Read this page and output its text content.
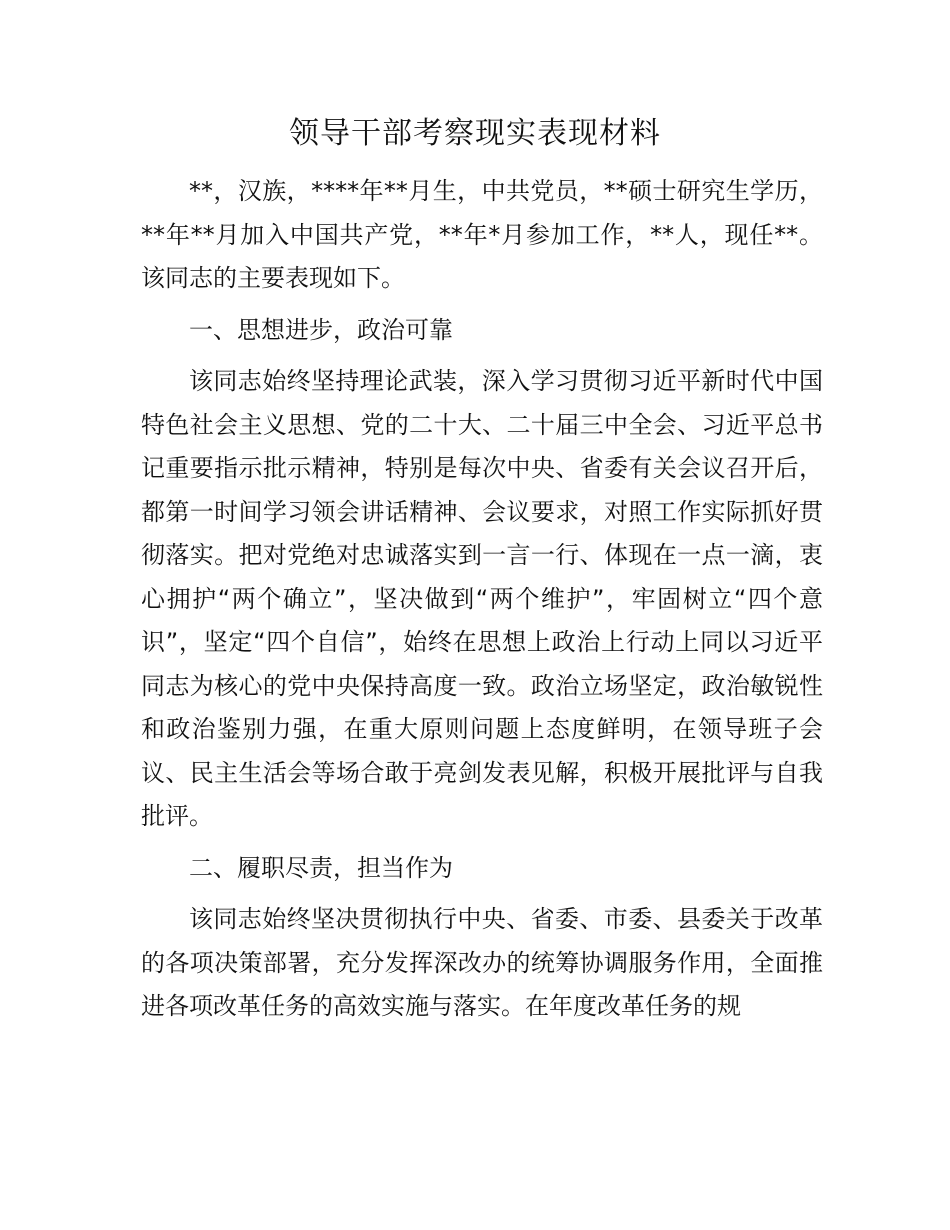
领导干部考察现实表现材料

**，汉族，****年**月生，中共党员，**硕士研究生学历，**年**月加入中国共产党，**年*月参加工作，**人，现任**。该同志的主要表现如下。

一、思想进步，政治可靠

该同志始终坚持理论武装，深入学习贯彻习近平新时代中国特色社会主义思想、党的二十大、二十届三中全会、习近平总书记重要指示批示精神，特别是每次中央、省委有关会议召开后，都第一时间学习领会讲话精神、会议要求，对照工作实际抓好贯彻落实。把对党绝对忠诚落实到一言一行、体现在一点一滴，衷心拥护“两个确立”，坚决做到“两个维护”，牢固树立“四个意识”，坚定“四个自信”，始终在思想上政治上行动上同以习近平同志为核心的党中央保持高度一致。政治立场坚定，政治敏锐性和政治鉴别力强，在重大原则问题上态度鲜明，在领导班子会议、民主生活会等场合敢于亮剑发表见解，积极开展批评与自我批评。

二、履职尽责，担当作为

该同志始终坚决贯彻执行中央、省委、市委、县委关于改革的各项决策部署，充分发挥深改办的统筹协调服务作用，全面推进各项改革任务的高效实施与落实。在年度改革任务的规
